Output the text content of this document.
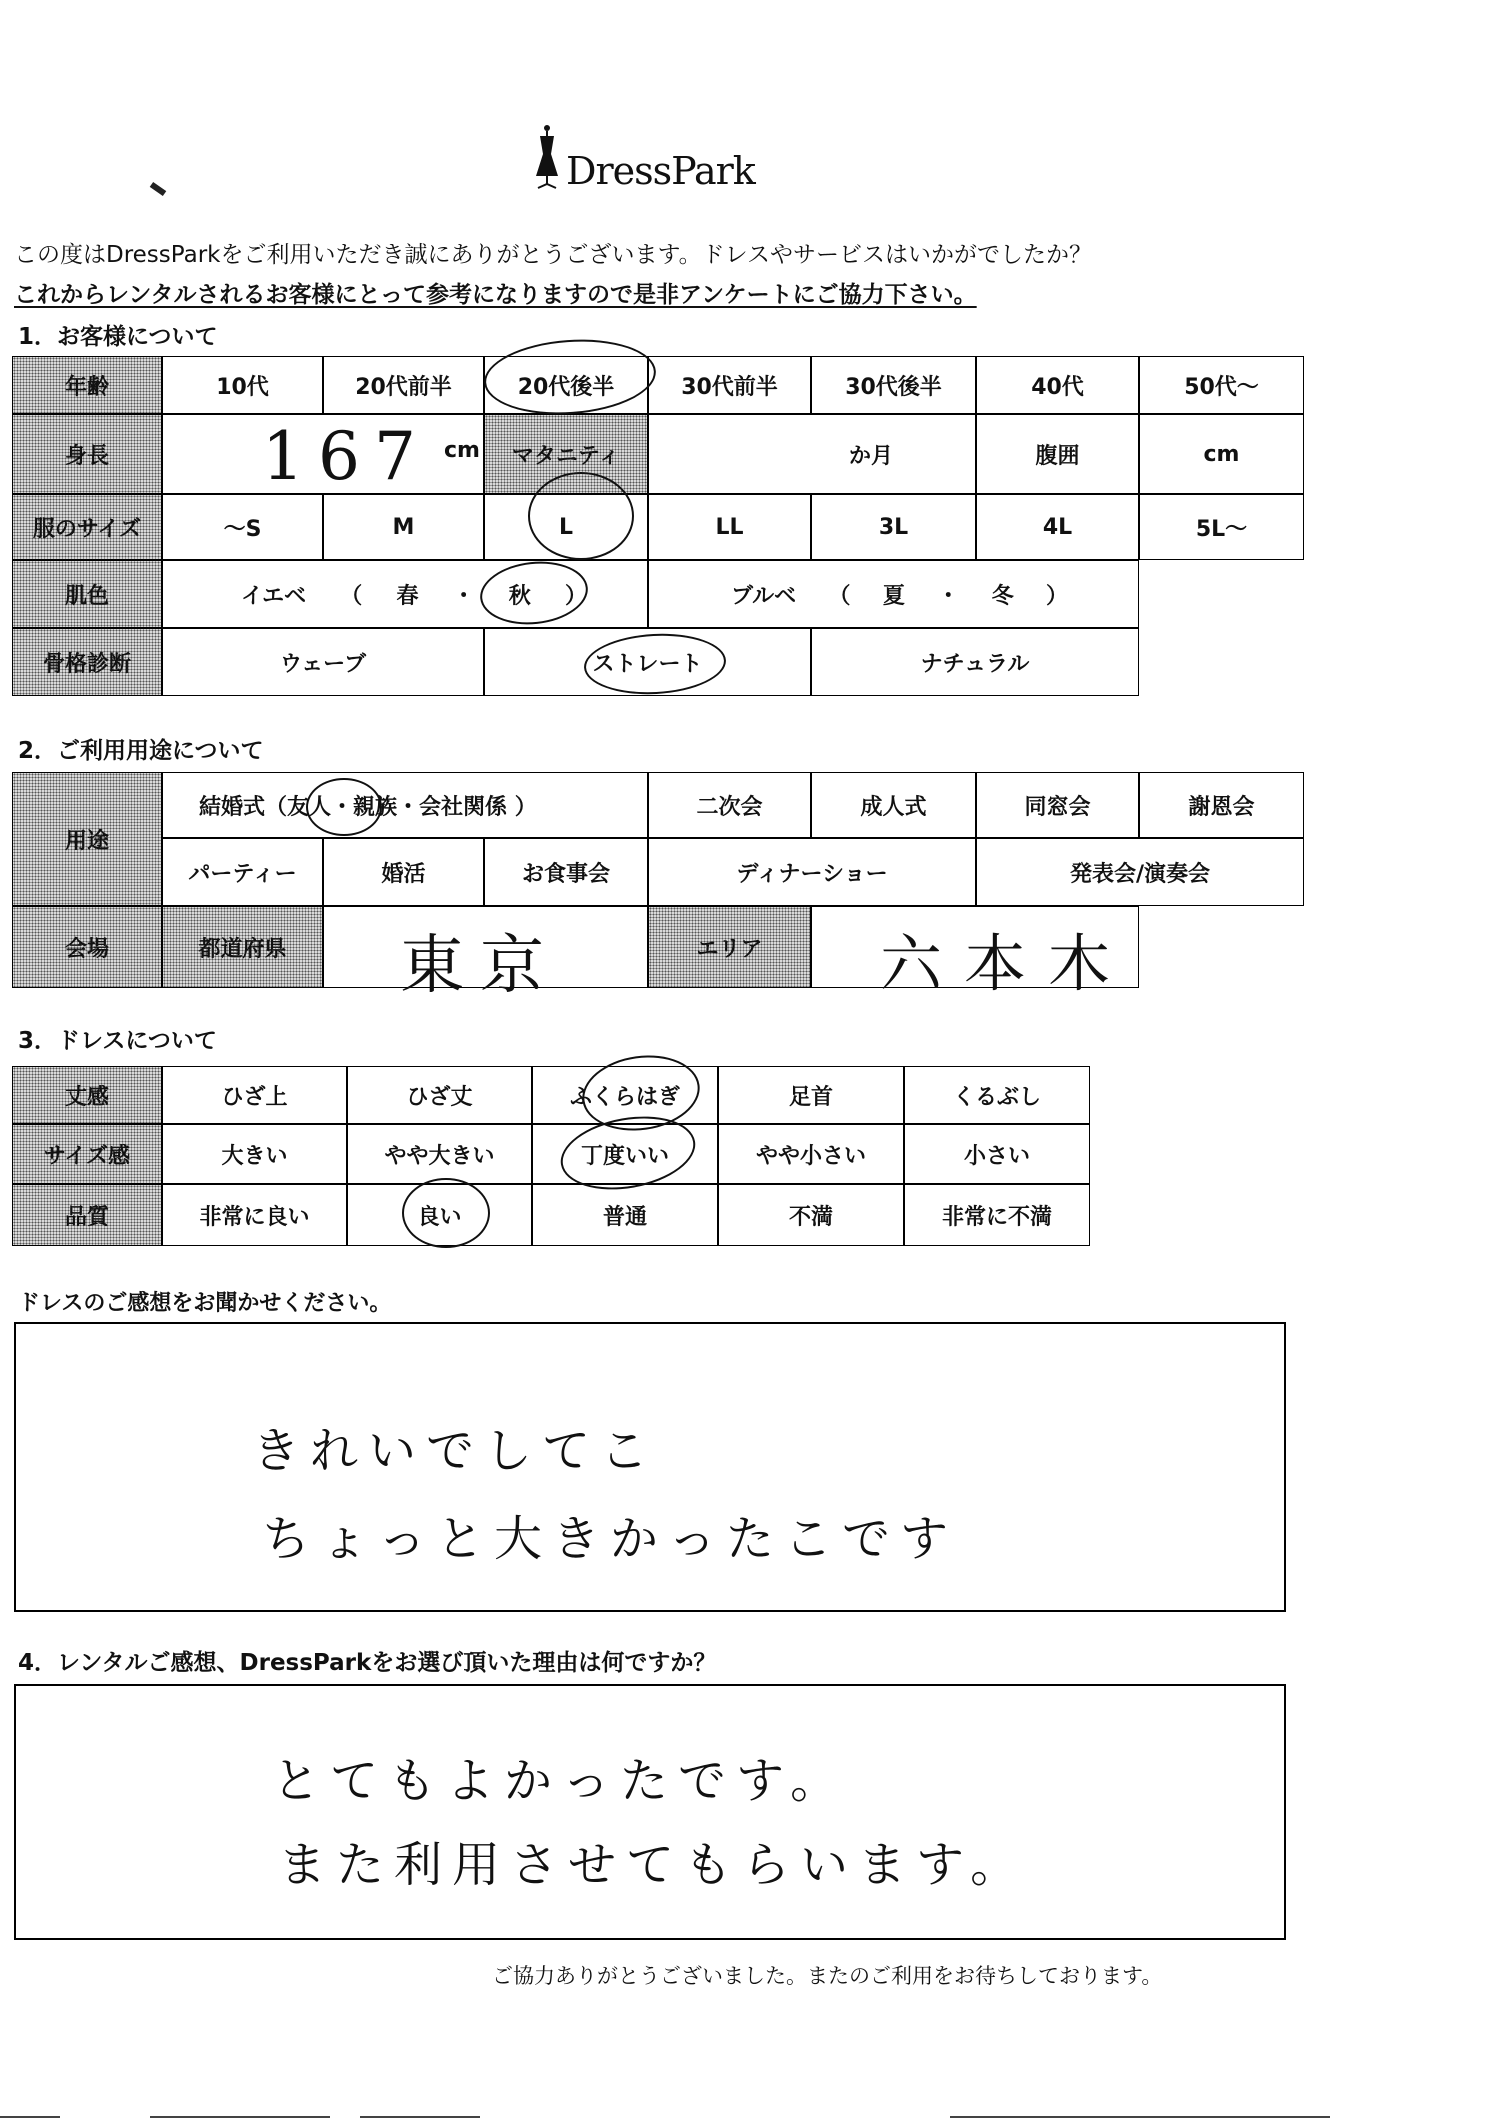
DressPark
この度はDressParkをご利用いただき誠にありがとうございます。ドレスやサービスはいかがでしたか？
これからレンタルされるお客様にとって参考になりますので是非アンケートにご協力下さい。
1．お客様について
年齢	10代	20代前半	20代後半	30代前半	30代後半	40代	50代～
身長	167 cm	マタニティ	か月	腹囲	cm
服のサイズ	～S	M	L	LL	3L	4L	5L～
肌色	イエベ （ 春 ・ 秋 ）	ブルベ （ 夏 ・ 冬 ）
骨格診断	ウェーブ	ストレート	ナチュラル
2．ご利用用途について
用途
結婚式（ 友人 ・親族・会社関係 ）	二次会	成人式	同窓会	謝恩会
パーティー	婚活	お食事会	ディナーショー	発表会/演奏会
会場	都道府県	東京	エリア	六本木
3．ドレスについて
丈感	ひざ上	ひざ丈	ふくらはぎ	足首	くるぶし
サイズ感	大きい	やや大きい	丁度いい	やや小さい	小さい
品質	非常に良い	良い	普通	不満	非常に不満
ドレスのご感想をお聞かせください。
きれいでしてこ
ちょっと大きかったこです
4．レンタルご感想、DressParkをお選び頂いた理由は何ですか？
とてもよかったです。
また利用させてもらいます。
ご協力ありがとうございました。またのご利用をお待ちしております。
